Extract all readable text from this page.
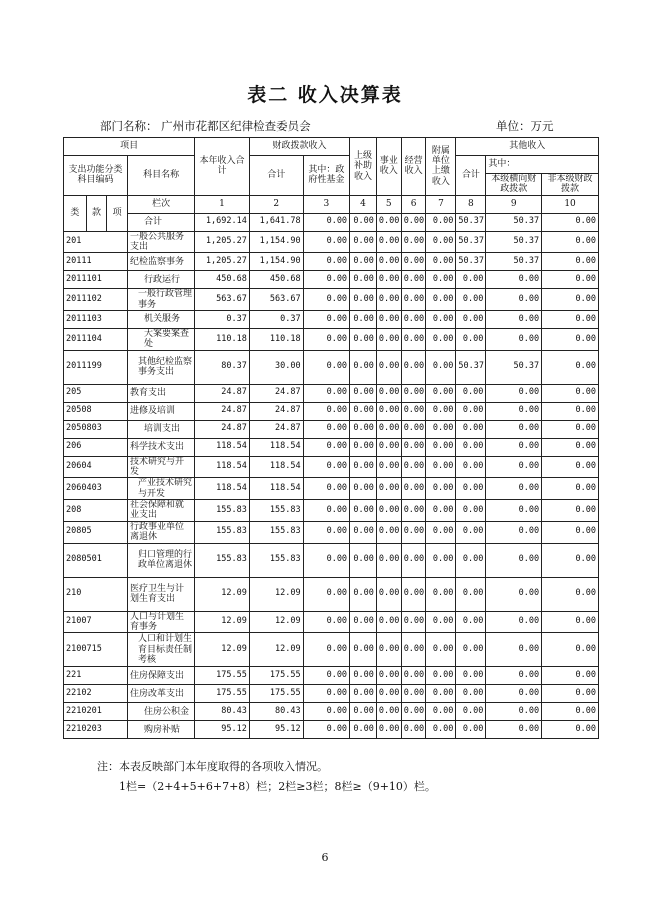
表二 收入决算表
部门名称： 广州市花都区纪律检查委员会	单位：万元
项目				本年收入合计	财政拨款收入		上级补助收入	事业收入	经营收入	附属单位上缴收入	其他收入		
支出功能分类科目编码			科目名称		合计	其中：政府性基金					合计	其中：	
												本级横向财政拨款	非本级财政拨款
类	款	项	栏次	1	2	3	4	5	6	7	8	9	10

			合计	1,692.14	1,641.78	0.00	0.00	0.00	0.00	0.00	50.37	50.37	0.00
201			一般公共服务支出	1,205.27	1,154.90	0.00	0.00	0.00	0.00	0.00	50.37	50.37	0.00
20111			纪检监察事务	1,205.27	1,154.90	0.00	0.00	0.00	0.00	0.00	50.37	50.37	0.00
2011101			行政运行	450.68	450.68	0.00	0.00	0.00	0.00	0.00	0.00	0.00	0.00
2011102			一般行政管理事务	563.67	563.67	0.00	0.00	0.00	0.00	0.00	0.00	0.00	0.00
2011103			机关服务	0.37	0.37	0.00	0.00	0.00	0.00	0.00	0.00	0.00	0.00
2011104			大案要案查处	110.18	110.18	0.00	0.00	0.00	0.00	0.00	0.00	0.00	0.00
2011199			其他纪检监察事务支出	80.37	30.00	0.00	0.00	0.00	0.00	0.00	50.37	50.37	0.00
205			教育支出	24.87	24.87	0.00	0.00	0.00	0.00	0.00	0.00	0.00	0.00
20508			进修及培训	24.87	24.87	0.00	0.00	0.00	0.00	0.00	0.00	0.00	0.00
2050803			培训支出	24.87	24.87	0.00	0.00	0.00	0.00	0.00	0.00	0.00	0.00
206			科学技术支出	118.54	118.54	0.00	0.00	0.00	0.00	0.00	0.00	0.00	0.00
20604			技术研究与开发	118.54	118.54	0.00	0.00	0.00	0.00	0.00	0.00	0.00	0.00
2060403			产业技术研究与开发	118.54	118.54	0.00	0.00	0.00	0.00	0.00	0.00	0.00	0.00
208			社会保障和就业支出	155.83	155.83	0.00	0.00	0.00	0.00	0.00	0.00	0.00	0.00
20805			行政事业单位离退休	155.83	155.83	0.00	0.00	0.00	0.00	0.00	0.00	0.00	0.00
2080501			归口管理的行政单位离退休	155.83	155.83	0.00	0.00	0.00	0.00	0.00	0.00	0.00	0.00
210			医疗卫生与计划生育支出	12.09	12.09	0.00	0.00	0.00	0.00	0.00	0.00	0.00	0.00
21007			人口与计划生育事务	12.09	12.09	0.00	0.00	0.00	0.00	0.00	0.00	0.00	0.00
2100715			人口和计划生育目标责任制考核	12.09	12.09	0.00	0.00	0.00	0.00	0.00	0.00	0.00	0.00
221			住房保障支出	175.55	175.55	0.00	0.00	0.00	0.00	0.00	0.00	0.00	0.00
22102			住房改革支出	175.55	175.55	0.00	0.00	0.00	0.00	0.00	0.00	0.00	0.00
2210201			住房公积金	80.43	80.43	0.00	0.00	0.00	0.00	0.00	0.00	0.00	0.00
2210203			购房补贴	95.12	95.12	0.00	0.00	0.00	0.00	0.00	0.00	0.00	0.00
注：本表反映部门本年度取得的各项收入情况。
1栏=（2+4+5+6+7+8）栏；2栏≥3栏；8栏≥（9+10）栏。
6
